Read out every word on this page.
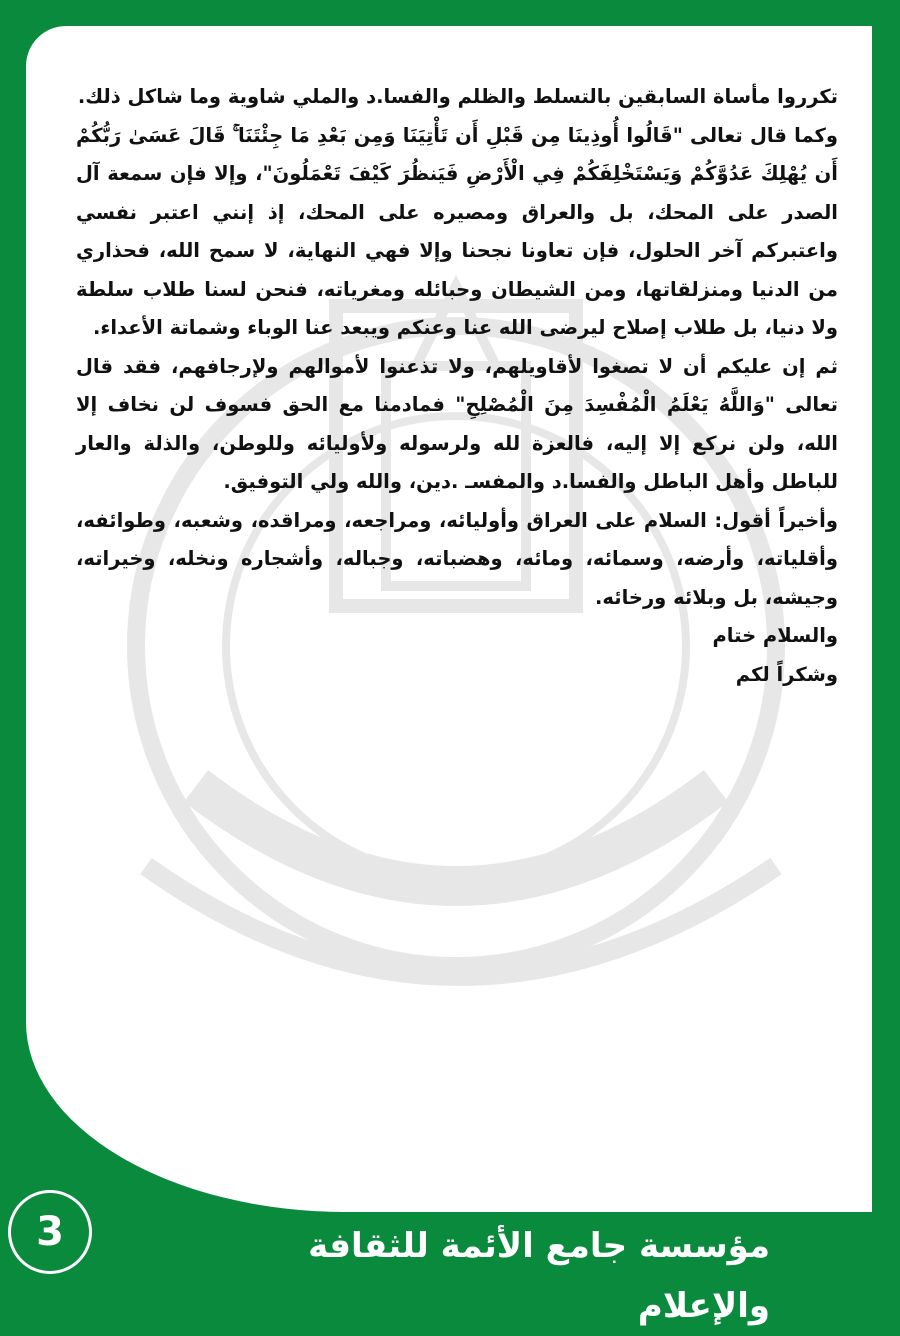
تكرروا مأساة السابقين بالتسلط والظلم والفسا.د والملي شاوية وما شاكل ذلك.

وكما قال تعالى "قَالُوا أُوذِينَا مِن قَبْلِ أَن تَأْتِيَنَا وَمِن بَعْدِ مَا جِئْتَنَا ۚ قَالَ عَسَىٰ رَبُّكُمْ أَن يُهْلِكَ عَدُوَّكُمْ وَيَسْتَخْلِفَكُمْ فِي الْأَرْضِ فَيَنظُرَ كَيْفَ تَعْمَلُونَ"، وإلا فإن سمعة آل الصدر على المحك، بل والعراق ومصيره على المحك، إذ إنني اعتبر نفسي واعتبركم آخر الحلول، فإن تعاونا نجحنا وإلا فهي النهاية، لا سمح الله، فحذاري من الدنيا ومنزلقاتها، ومن الشيطان وحبائله ومغرياته، فنحن لسنا طلاب سلطة ولا دنيا، بل طلاب إصلاح ليرضى الله عنا وعنكم ويبعد عنا الوباء وشماتة الأعداء.

ثم إن عليكم أن لا تصغوا لأقاويلهم، ولا تذعنوا لأموالهم ولإرجافهم، فقد قال تعالى "وَاللَّهُ يَعْلَمُ الْمُفْسِدَ مِنَ الْمُصْلِحِ" فمادمنا مع الحق فسوف لن نخاف إلا الله، ولن نركع إلا إليه، فالعزة لله ولرسوله ولأوليائه وللوطن، والذلة والعار للباطل وأهل الباطل والفسا.د والمفسـ .دين، والله ولي التوفيق.

وأخيراً أقول: السلام على العراق وأوليائه، ومراجعه، ومراقده، وشعبه، وطوائفه، وأقلياته، وأرضه، وسمائه، ومائه، وهضباته، وجباله، وأشجاره ونخله، وخيراته، وجيشه، بل وبلائه ورخائه.

والسلام ختام

وشكراً لكم

مؤسسة جامع الأئمة للثقافة والإعلام
3
